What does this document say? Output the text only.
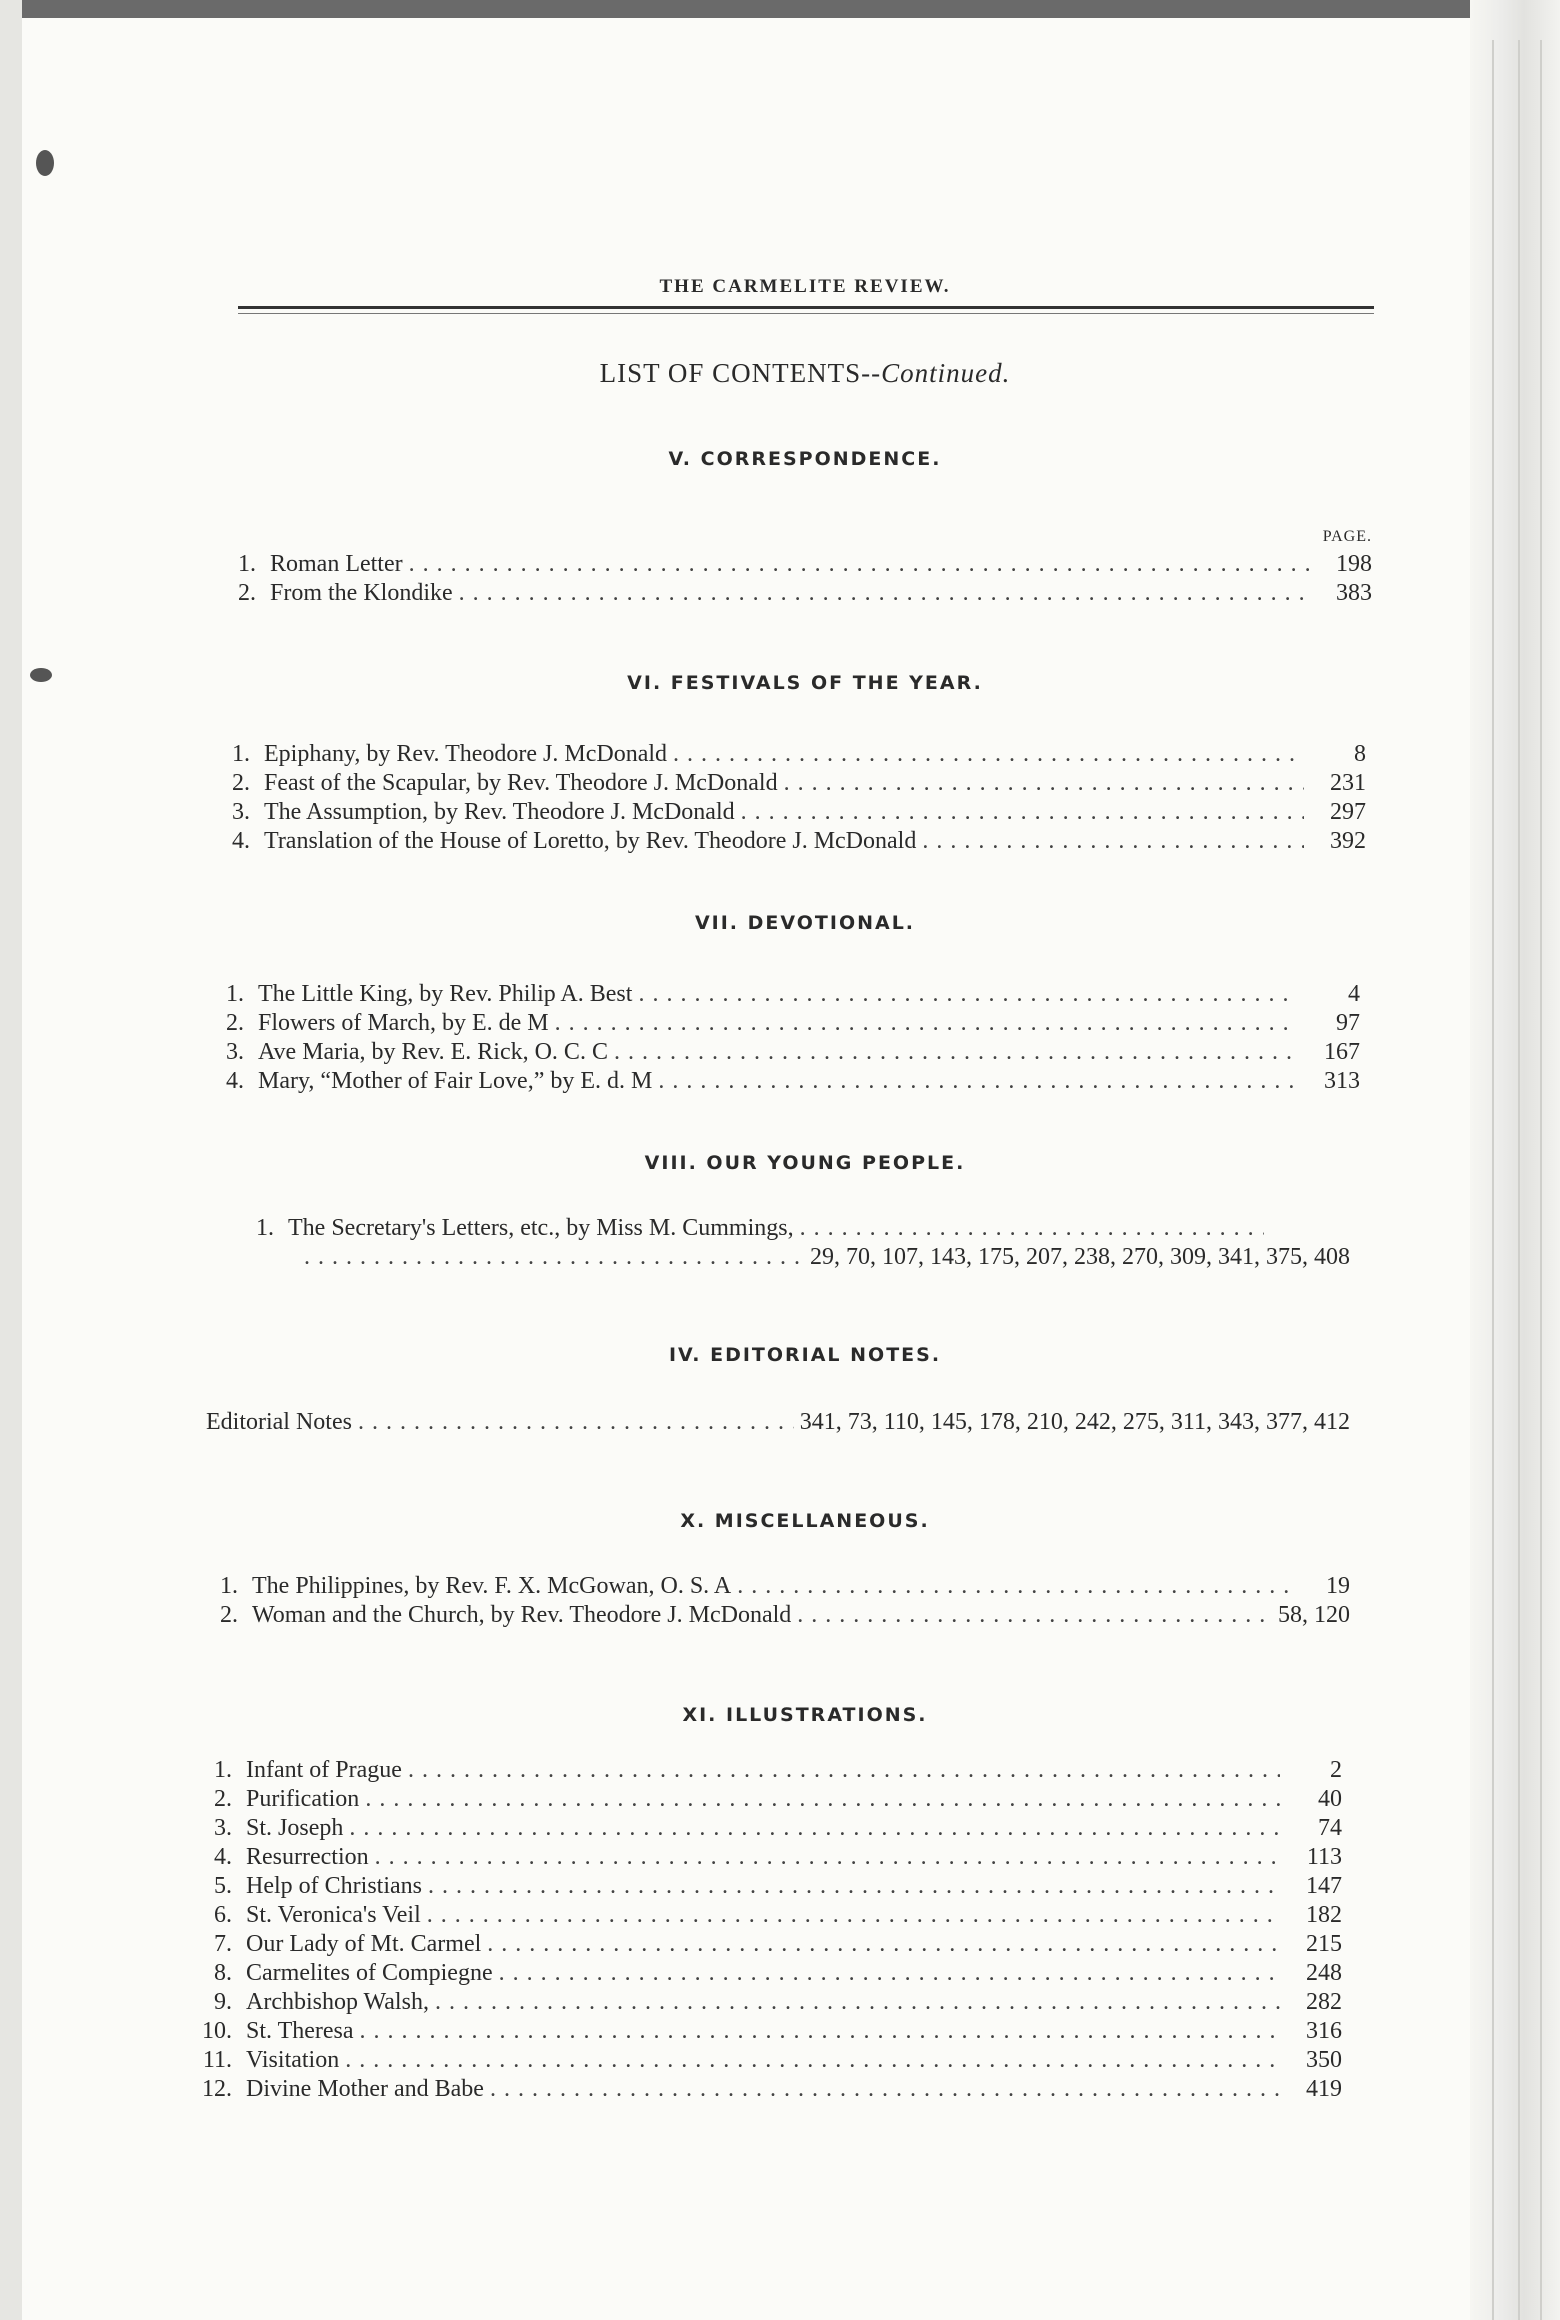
THE CARMELITE REVIEW.
LIST OF CONTENTS--Continued.
V. CORRESPONDENCE.
PAGE.
1. Roman Letter . . .	198
2. From the Klondike . . .	383
VI. FESTIVALS OF THE YEAR.
1. Epiphany, by Rev. Theodore J. McDonald . . .	8
2. Feast of the Scapular, by Rev. Theodore J. McDonald . . .	231
3. The Assumption, by Rev. Theodore J. McDonald . . .	297
4. Translation of the House of Loretto, by Rev. Theodore J. McDonald . . .	392
VII. DEVOTIONAL.
1. The Little King, by Rev. Philip A. Best . . .	4
2. Flowers of March, by E. de M . . .	97
3. Ave Maria, by Rev. E. Rick, O. C. C . . .	167
4. Mary, “Mother of Fair Love,” by E. d. M . . .	313
VIII. OUR YOUNG PEOPLE.
1. The Secretary's Letters, etc., by Miss M. Cummings,
. . .
. . .
29, 70, 107, 143, 175, 207, 238, 270, 309, 341, 375, 408
IV. EDITORIAL NOTES.
Editorial Notes . . .	341, 73, 110, 145, 178, 210, 242, 275, 311, 343, 377, 412
X. MISCELLANEOUS.
1. The Philippines, by Rev. F. X. McGowan, O. S. A . . .	19
2. Woman and the Church, by Rev. Theodore J. McDonald . . .	58, 120
XI. ILLUSTRATIONS.
1. Infant of Prague . . .	2
2. Purification . . .	40
3. St. Joseph . . .	74
4. Resurrection . . .	113
5. Help of Christians . . .	147
6. St. Veronica's Veil . . .	182
7. Our Lady of Mt. Carmel . . .	215
8. Carmelites of Compiegne . . .	248
9. Archbishop Walsh, . . .	282
10. St. Theresa . . .	316
11. Visitation . . .	350
12. Divine Mother and Babe . . .	419
